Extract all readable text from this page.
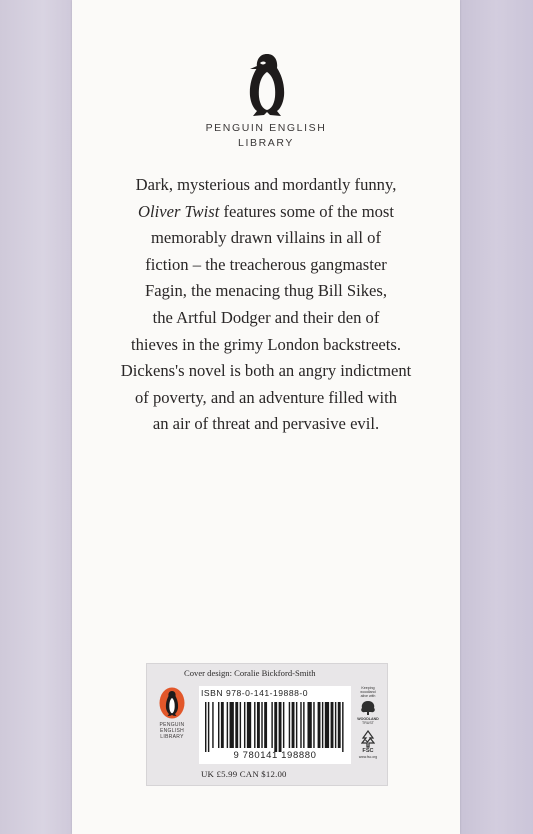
PENGUIN ENGLISH
LIBRARY
Dark, mysterious and mordantly funny,
Oliver Twist features some of the most
memorably drawn villains in all of
fiction – the treacherous gangmaster
Fagin, the menacing thug Bill Sikes,
the Artful Dodger and their den of
thieves in the grimy London backstreets.
Dickens's novel is both an angry indictment
of poverty, and an adventure filled with
an air of threat and pervasive evil.
Cover design: Coralie Bickford-Smith
PENGUIN
ENGLISH
LIBRARY
ISBN 978-0-141-19888-0
9 780141 198880
Keeping
woodland
alive with
WOODLAND
TRUST
FSC
www.fsc.org
UK £5.99 CAN $12.00
